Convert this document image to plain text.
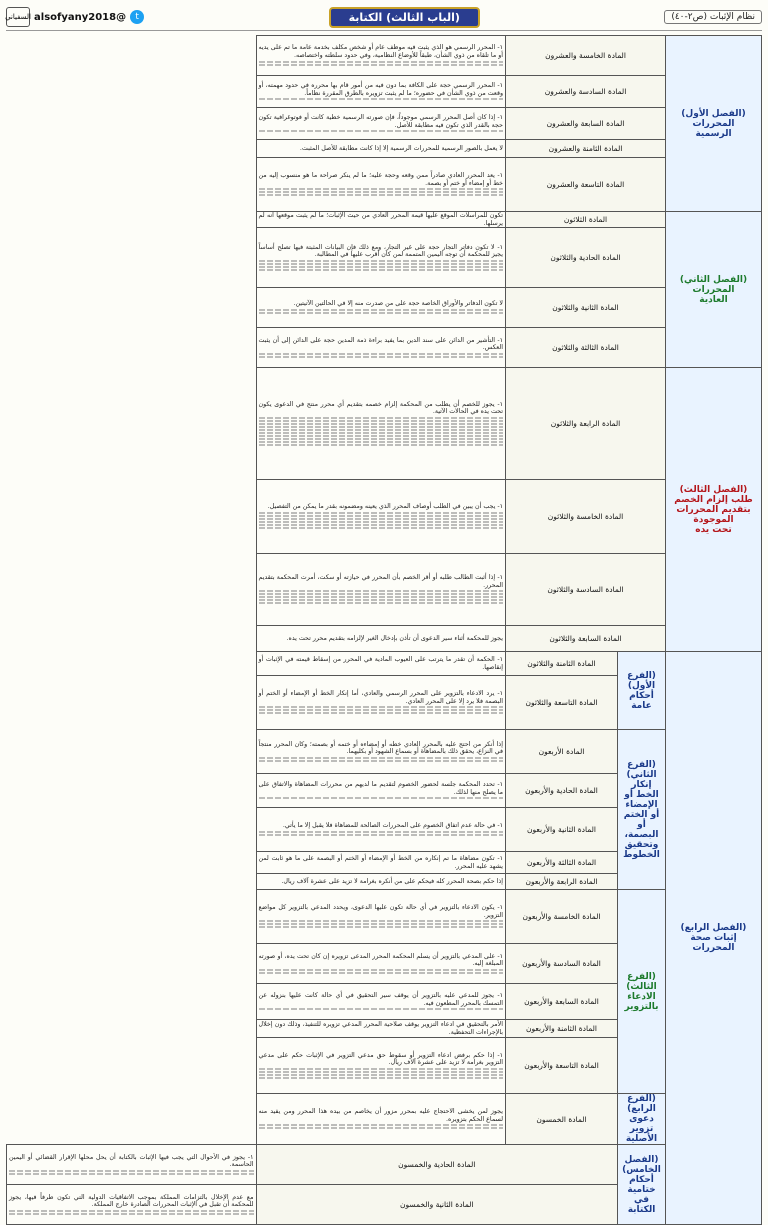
نظام الإثبات (ص٢-٤٠)
(الباب الثالث) الكتابة
t
@alsofyany2018
السفياني
(الفصل الأول) المحررات
الرسمية	المادة الخامسة والعشرون		١- المحرر الرسمي هو الذي يثبت فيه موظف عام أو شخص مكلف بخدمة عامة ما تم على يديه أو ما تلقاه من ذوي الشأن، طبقاً للأوضاع النظامية، وفي حدود سلطته واختصاصه.	

	المادة السادسة والعشرون		١- المحرر الرسمي حجة على الكافة بما دون فيه من أمور قام بها محرره في حدود مهمته، أو وقعت من ذوي الشأن في حضوره؛ ما لم يثبت تزويره بالطرق المقررة نظاماً.	

	المادة السابعة والعشرون		١- إذا كان أصل المحرر الرسمي موجوداً، فإن صورته الرسمية خطية كانت أو فوتوغرافية تكون حجة بالقدر الذي تكون فيه مطابقة للأصل.	

	المادة الثامنة والعشرون		لا يعمل بالصور الرسمية للمحررات الرسمية إلا إذا كانت مطابقة للأصل المثبت.	

	المادة التاسعة والعشرون		١- يعد المحرر العادي صادراً ممن وقعه وحجة عليه؛ ما لم ينكر صراحة ما هو منسوب إليه من خط أو إمضاء أو ختم أو بصمة.	

(الفصل الثاني) المحررات
العادية	المادة الثلاثون		تكون للمراسلات الموقع عليها قيمة المحرر العادي من حيث الإثبات؛ ما لم يثبت موقعها أنه لم يرسلها.	

	المادة الحادية والثلاثون		١- لا تكون دفاتر التجار حجة على غير التجار، ومع ذلك فإن البيانات المثبتة فيها تصلح أساساً يجيز للمحكمة أن توجه اليمين المتممة لمن كان أقرب عليها في المطالبة.	

	المادة الثانية والثلاثون		لا تكون الدفاتر والأوراق الخاصة حجة على من صدرت منه إلا في الحالتين الآتيتين.	

	المادة الثالثة والثلاثون		١- التأشير من الدائن على سند الدين بما يفيد براءة ذمة المدين حجة على الدائن إلى أن يثبت العكس.	

(الفصل الثالث) طلب إلزام الخصم بتقديم المحررات الموجودة
تحت يده	المادة الرابعة والثلاثون		١- يجوز للخصم أن يطلب من المحكمة إلزام خصمه بتقديم أي محرر منتج في الدعوى يكون تحت يده في الحالات الآتية.	

	المادة الخامسة والثلاثون		١- يجب أن يبين في الطلب أوصاف المحرر الذي يعينه ومضمونه بقدر ما يمكن من التفصيل.	

	المادة السادسة والثلاثون		١- إذا أثبت الطالب طلبه أو أقر الخصم بأن المحرر في حيازته أو سكت، أمرت المحكمة بتقديم المحرر.	

	المادة السابعة والثلاثون		يجوز للمحكمة أثناء سير الدعوى أن تأذن بإدخال الغير لإلزامه بتقديم محرر تحت يده.	

(الفصل الرابع) إثبات صحة
المحررات	(الفرع الأول)
أحكام عامة	المادة الثامنة والثلاثون	١- الحكمة أن تقدر ما يترتب على العيوب المادية في المحرر من إسقاط قيمته في الإثبات أو إنقاصها.	

		المادة التاسعة والثلاثون	١- يرد الادعاء بالتزوير على المحرر الرسمي والعادي، أما إنكار الخط أو الإمضاء أو الختم أو البصمة فلا يرد إلا على المحرر العادي.	

	(الفرع الثاني) إنكار الخط أو الإمضاء أو الختم أو البصمة، وتحقيق
الخطوط	المادة الأربعون	إذا أنكر من احتج عليه بالمحرر العادي خطه أو إمضاءه أو ختمه أو بصمته؛ وكان المحرر منتجاً في النزاع، يحقق ذلك بالمضاهاة أو بسماع الشهود أو بكليهما.	

		المادة الحادية والأربعون	١- تحدد المحكمة جلسة لحضور الخصوم لتقديم ما لديهم من محررات المضاهاة والاتفاق على ما يصلح منها لذلك.	

		المادة الثانية والأربعون	١- في حالة عدم اتفاق الخصوم على المحررات الصالحة للمضاهاة فلا يقبل إلا ما يأتي.	

		المادة الثالثة والأربعون	١- تكون مضاهاة ما تم إنكاره من الخط أو الإمضاء أو الختم أو البصمة على ما هو ثابت لمن يشهد عليه المحرر.	

		المادة الرابعة والأربعون	إذا حكم بصحة المحرر كله فيحكم على من أنكره بغرامة لا تزيد على عشرة آلاف ريال.	

	(الفرع الثالث)
الادعاء بالتزوير	المادة الخامسة والأربعون	١- يكون الادعاء بالتزوير في أي حالة تكون عليها الدعوى، ويحدد المدعي بالتزوير كل مواضع التزوير.	

		المادة السادسة والأربعون	١- على المدعي بالتزوير أن يسلم المحكمة المحرر المدعى تزويره إن كان تحت يده، أو صورته المبلغة إليه.	

		المادة السابعة والأربعون	١- يجوز للمدعي عليه بالتزوير أن يوقف سير التحقيق في أي حالة كانت عليها بنزوله عن التمسك بالمحرر المطعون فيه.	

		المادة الثامنة والأربعون	الأمر بالتحقيق في ادعاء التزوير يوقف صلاحية المحرر المدعي تزويره للتنفيذ، وذلك دون إخلال بالإجراءات التحفظية.	

		المادة التاسعة والأربعون	١- إذا حكم برفض ادعاء التزوير أو سقوط حق مدعي التزوير في الإثبات حكم على مدعي التزوير بغرامة لا تزيد على عشرة آلاف ريال.	

	(الفرع الرابع) دعوى تزوير
الأصلية	المادة الخمسون	يجوز لمن يخشى الاحتجاج عليه بمحرر مزور أن يخاصم من بيده هذا المحرر ومن يفيد منه لسماع الحكم بتزويره.	

	(الفصل الخامس) أحكام
ختامية في الكتابة	المادة الحادية والخمسون		١- يجوز في الأحوال التي يجب فيها الإثبات بالكتابة أن يحل محلها الإقرار القضائي أو اليمين الحاسمة.

		المادة الثانية والخمسون		مع عدم الإخلال بالتزامات المملكة بموجب الاتفاقيات الدولية التي تكون طرفاً فيها، يجوز للمحكمة أن تقبل في الإثبات المحررات الصادرة خارج المملكة.
